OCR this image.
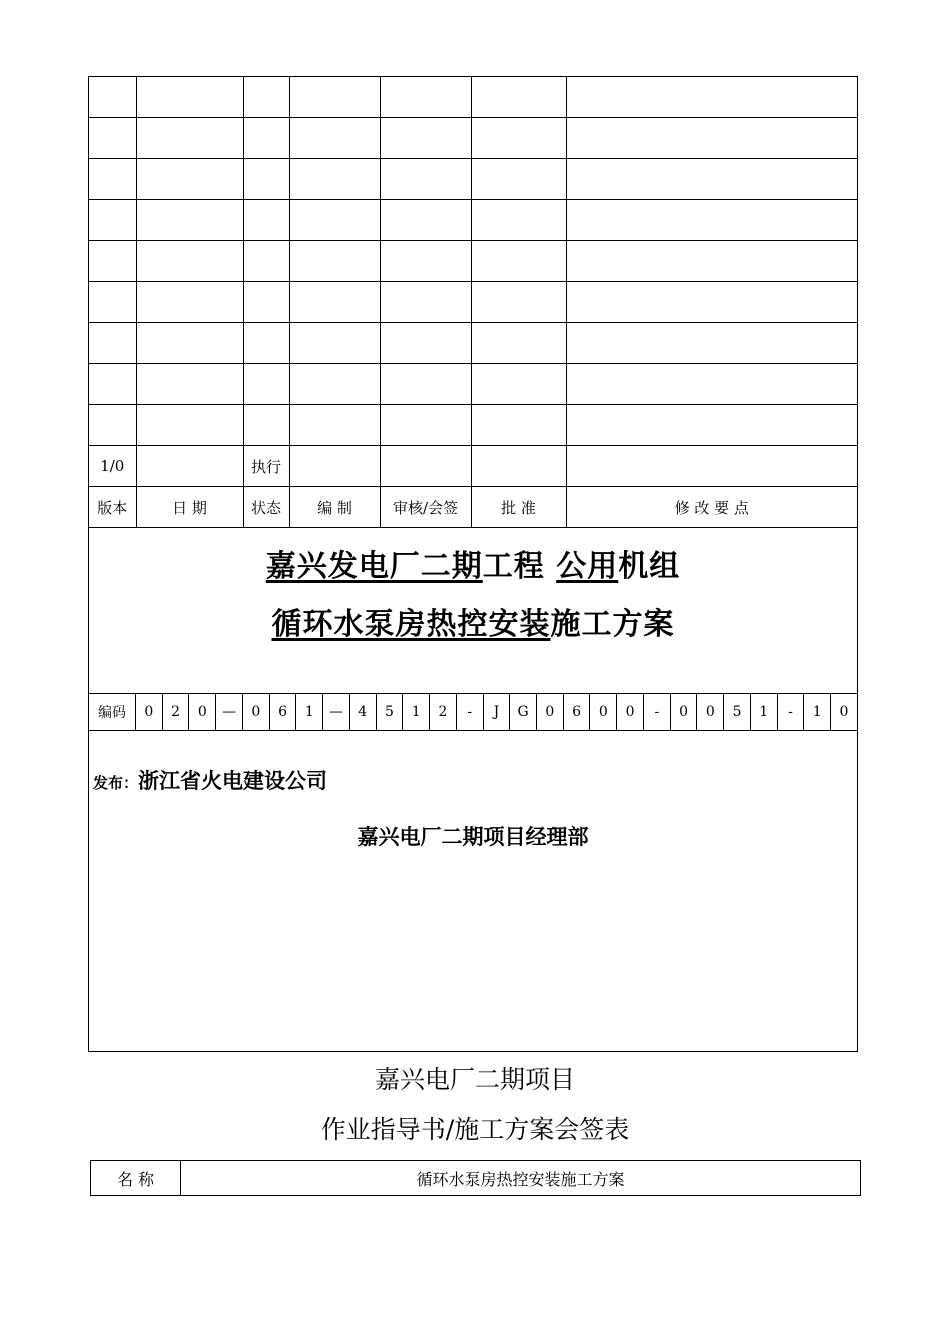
1/0		执行				
版本	日 期	状态	编 制	审核/会签	批 准	修 改 要 点
嘉兴发电厂二期工程 公用机组
循环水泵房热控安装施工方案
编码	0	2	0	—	0	6	1	—	4	5	1	2	-	J	G	0	6	0	0	-	0	0	5	1	-	1	0
发布：浙江省火电建设公司
嘉兴电厂二期项目经理部
嘉兴电厂二期项目
作业指导书/施工方案会签表
名 称	循环水泵房热控安装施工方案
